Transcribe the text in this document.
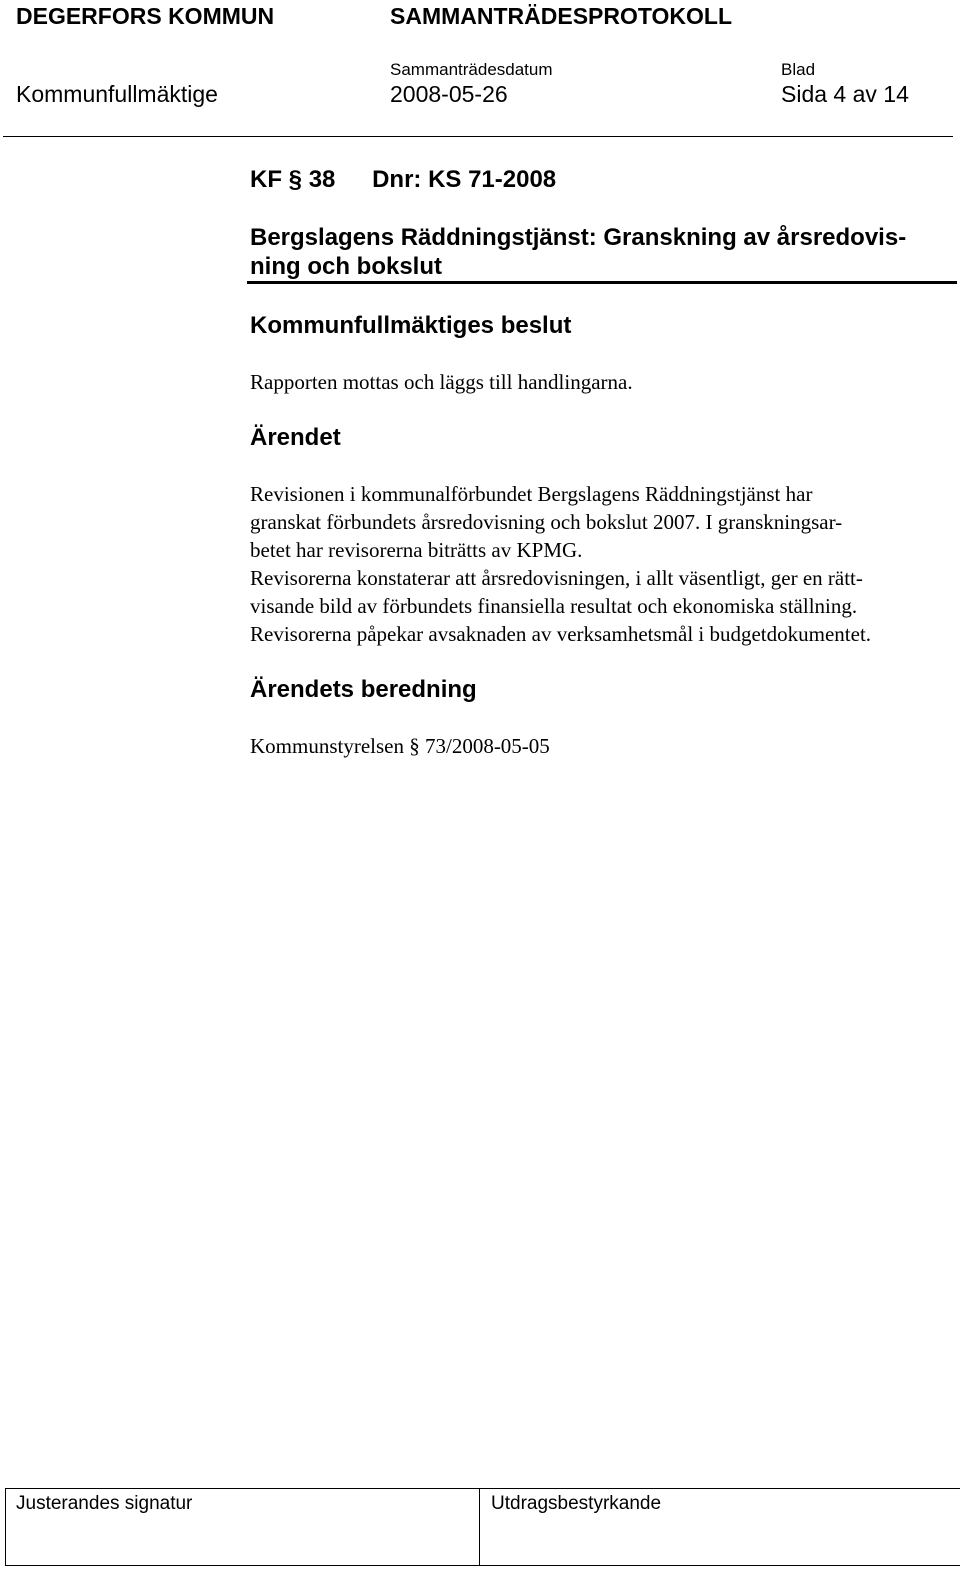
DEGERFORS KOMMUN	SAMMANTRÄDESPROTOKOLL
Kommunfullmäktige
Sammanträdesdatum
2008-05-26
Blad
Sida 4 av 14
KF § 38 Dnr: KS 71-2008
Bergslagens Räddningstjänst: Granskning av årsredovis-
ning och bokslut
Kommunfullmäktiges beslut
Rapporten mottas och läggs till handlingarna.
Ärendet
Revisionen i kommunalförbundet Bergslagens Räddningstjänst har
granskat förbundets årsredovisning och bokslut 2007. I granskningsar-
betet har revisorerna biträtts av KPMG.
Revisorerna konstaterar att årsredovisningen, i allt väsentligt, ger en rätt-
visande bild av förbundets finansiella resultat och ekonomiska ställning.
Revisorerna påpekar avsaknaden av verksamhetsmål i budgetdokumentet.
Ärendets beredning
Kommunstyrelsen § 73/2008-05-05
Justerandes signatur	Utdragsbestyrkande
